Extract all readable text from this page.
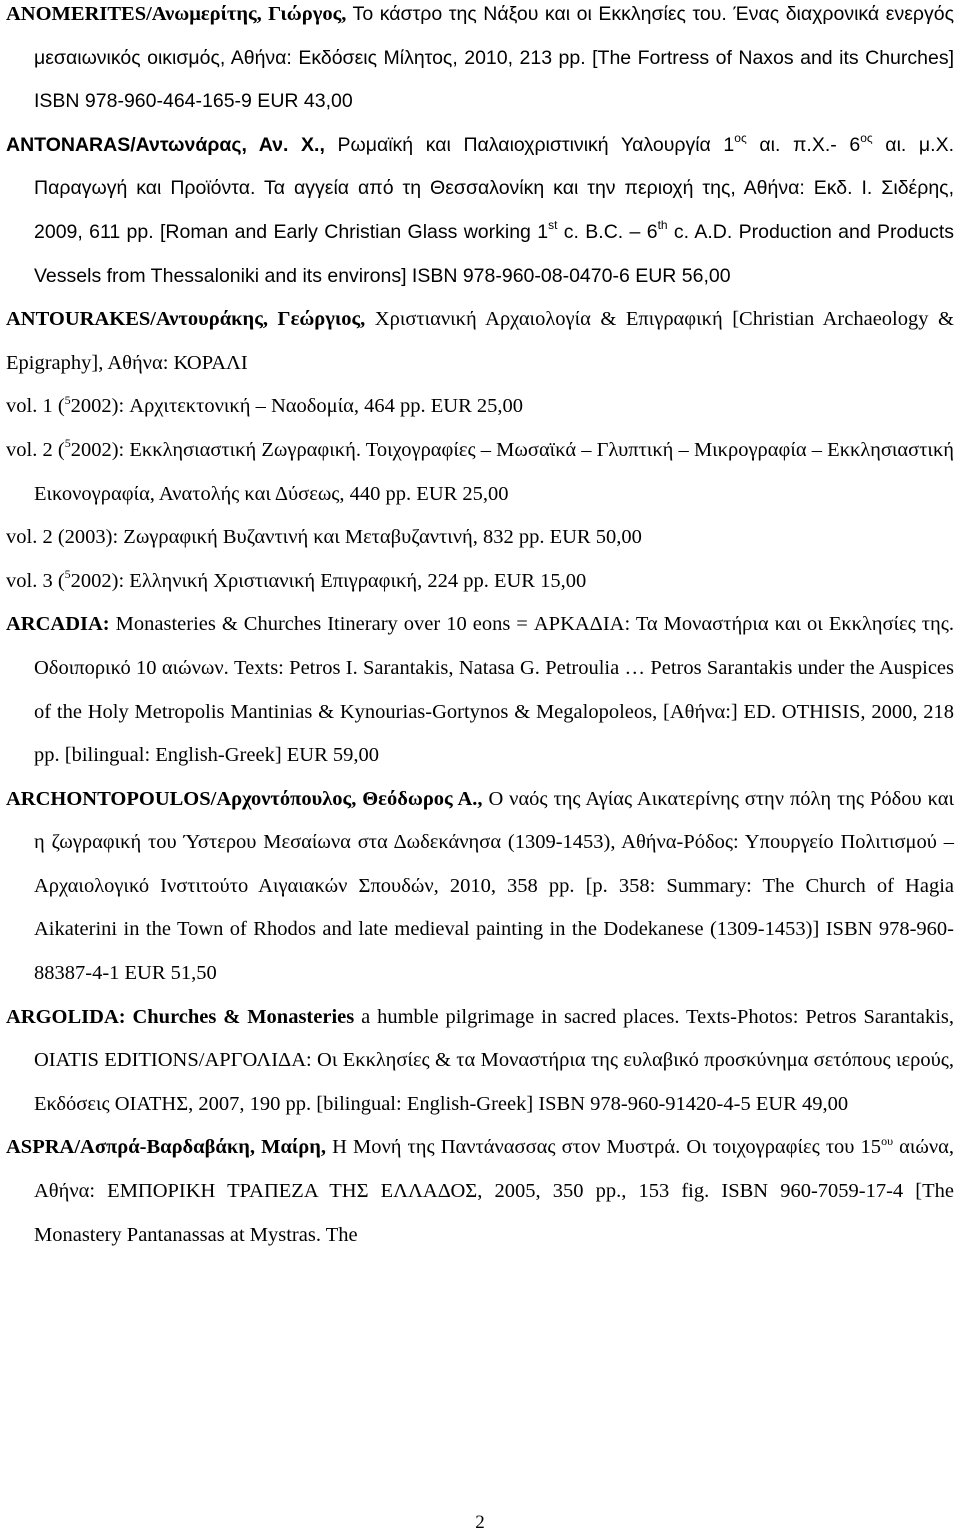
ANOMERITES/Ανωμερίτης, Γιώργος, Το κάστρο της Νάξου και οι Εκκλησίες του. Ένας διαχρονικά ενεργός μεσαιωνικός οικισμός, Αθήνα: Εκδόσεις Μίλητος, 2010, 213 pp. [The Fortress of Naxos and its Churches] ISBN 978-960-464-165-9 EUR 43,00

ANTONARAS/Αντωνάρας, Αν. Χ., Ρωμαϊκή και Παλαιοχριστινική Υαλουργία $1^{o\varsigma}$ αι. π.Χ.- $6^{o\varsigma}$ αι. μ.Χ. Παραγωγή και Προϊόντα. Τα αγγεία από τη Θεσσαλονίκη και την περιοχή της, Αθήνα: Εκδ. Ι. Σιδέρης, 2009, 611 pp. [Roman and Early Christian Glass working 1st c. B.C. – 6th c. A.D. Production and Products Vessels from Thessaloniki and its environs] ISBN 978-960-08-0470-6 EUR 56,00

ANTOURAKES/Αντουράκης, Γεώργιος, Χριστιανική Αρχαιολογία & Επιγραφική [Christian Archaeology & Epigraphy], Αθήνα: ΚΟΡΑΛΙ

vol. 1 ($^5$2002): Αρχιτεκτονική – Ναοδομία, 464 pp. EUR 25,00

vol. 2 ($^5$2002): Εκκλησιαστική Ζωγραφική. Τοιχογραφίες – Μωσαϊκά – Γλυπτική – Μικρογραφία – Εκκλησιαστική Εικονογραφία, Ανατολής και Δύσεως, 440 pp. EUR 25,00

vol. 2 (2003): Ζωγραφική Βυζαντινή και Μεταβυζαντινή, 832 pp. EUR 50,00

vol. 3 ($^5$2002): Ελληνική Χριστιανική Επιγραφική, 224 pp. EUR 15,00

ARCADIA: Monasteries & Churches Itinerary over 10 eons = ΑΡΚΑΔΙΑ: Τα Μοναστήρια και οι Εκκλησίες της. Οδοιπορικό 10 αιώνων. Texts: Petros I. Sarantakis, Natasa G. Petroulia … Petros Sarantakis under the Auspices of the Holy Metropolis Mantinias & Kynourias-Gortynos & Megalopoleos, [Αθήνα:] ED. OTHISIS, 2000, 218 pp. [bilingual: English-Greek] EUR 59,00

ARCHONTOPOULOS/Αρχοντόπουλος, Θεόδωρος Α., Ο ναός της Αγίας Αικατερίνης στην πόλη της Ρόδου και η ζωγραφική του Ύστερου Μεσαίωνα στα Δωδεκάνησα (1309-1453), Αθήνα-Ρόδος: Υπουργείο Πολιτισμού – Αρχαιολογικό Ινστιτούτο Αιγαιακών Σπουδών, 2010, 358 pp. [p. 358: Summary: The Church of Hagia Aikaterini in the Town of Rhodos and late medieval painting in the Dodekanese (1309-1453)] ISBN 978-960-88387-4-1 EUR 51,50

ARGOLIDA: Churches & Monasteries a humble pilgrimage in sacred places. Texts-Photos: Petros Sarantakis, OIATIS EDITIONS/ΑΡΓΟΛΙΔΑ: Οι Εκκλησίες & τα Μοναστήρια της ευλαβικό προσκύνημα σετόπους ιερούς, Εκδόσεις ΟΙΑΤΗΣ, 2007, 190 pp. [bilingual: English-Greek] ISBN 978-960-91420-4-5 EUR 49,00

ASPRA/Ασπρά-Βαρδαβάκη, Μαίρη, Η Μονή της Παντάνασσας στον Μυστρά. Οι τοιχογραφίες του $15^{o\upsilon}$ αιώνα, Αθήνα: ΕΜΠΟΡΙΚΗ ΤΡΑΠΕΖΑ ΤΗΣ ΕΛΛΑΔΟΣ, 2005, 350 pp., 153 fig. ISBN 960-7059-17-4 [The Monastery Pantanassas at Mystras. The

2
